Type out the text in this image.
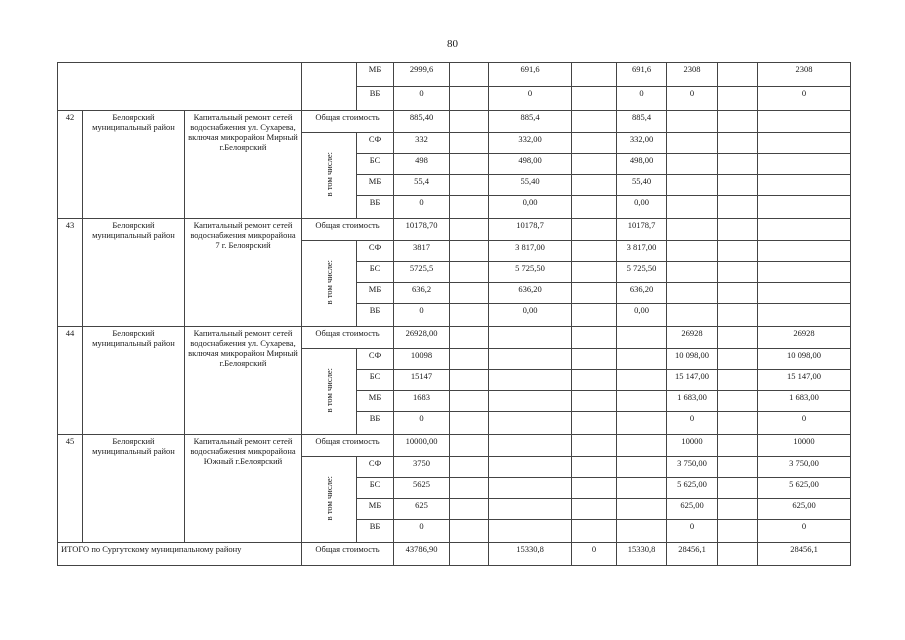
80
				МБ	2999,6		691,6		691,6	2308		2308
				ВБ	0		0		0	0		0
42	Белоярский муниципальный район	Капитальный ремонт сетей водоснабжения ул. Сухарева, включая микрорайон Мирный г.Белоярский	Общая стоимость		885,40		885,4		885,4			
			в том числе:	СФ	332		332,00		332,00			
				БС	498		498,00		498,00			
				МБ	55,4		55,40		55,40			
				ВБ	0		0,00		0,00			
43	Белоярский муниципальный район	Капитальный ремонт сетей водоснабжения микрорайона 7 г. Белоярский	Общая стоимость		10178,70		10178,7		10178,7			
			в том числе:	СФ	3817		3 817,00		3 817,00			
				БС	5725,5		5 725,50		5 725,50			
				МБ	636,2		636,20		636,20			
				ВБ	0		0,00		0,00			
44	Белоярский муниципальный район	Капитальный ремонт сетей водоснабжения ул. Сухарева, включая микрорайон Мирный г.Белоярский	Общая стоимость		26928,00					26928		26928
			в том числе:	СФ	10098					10 098,00		10 098,00
				БС	15147					15 147,00		15 147,00
				МБ	1683					1 683,00		1 683,00
				ВБ	0					0		0
45	Белоярский муниципальный район	Капитальный ремонт сетей водоснабжения микрорайона Южный г.Белоярский	Общая стоимость		10000,00					10000		10000
			в том числе:	СФ	3750					3 750,00		3 750,00
				БС	5625					5 625,00		5 625,00
				МБ	625					625,00		625,00
				ВБ	0					0		0
ИТОГО по Сургутскому муниципальному району			Общая стоимость		43786,90		15330,8	0	15330,8	28456,1		28456,1
